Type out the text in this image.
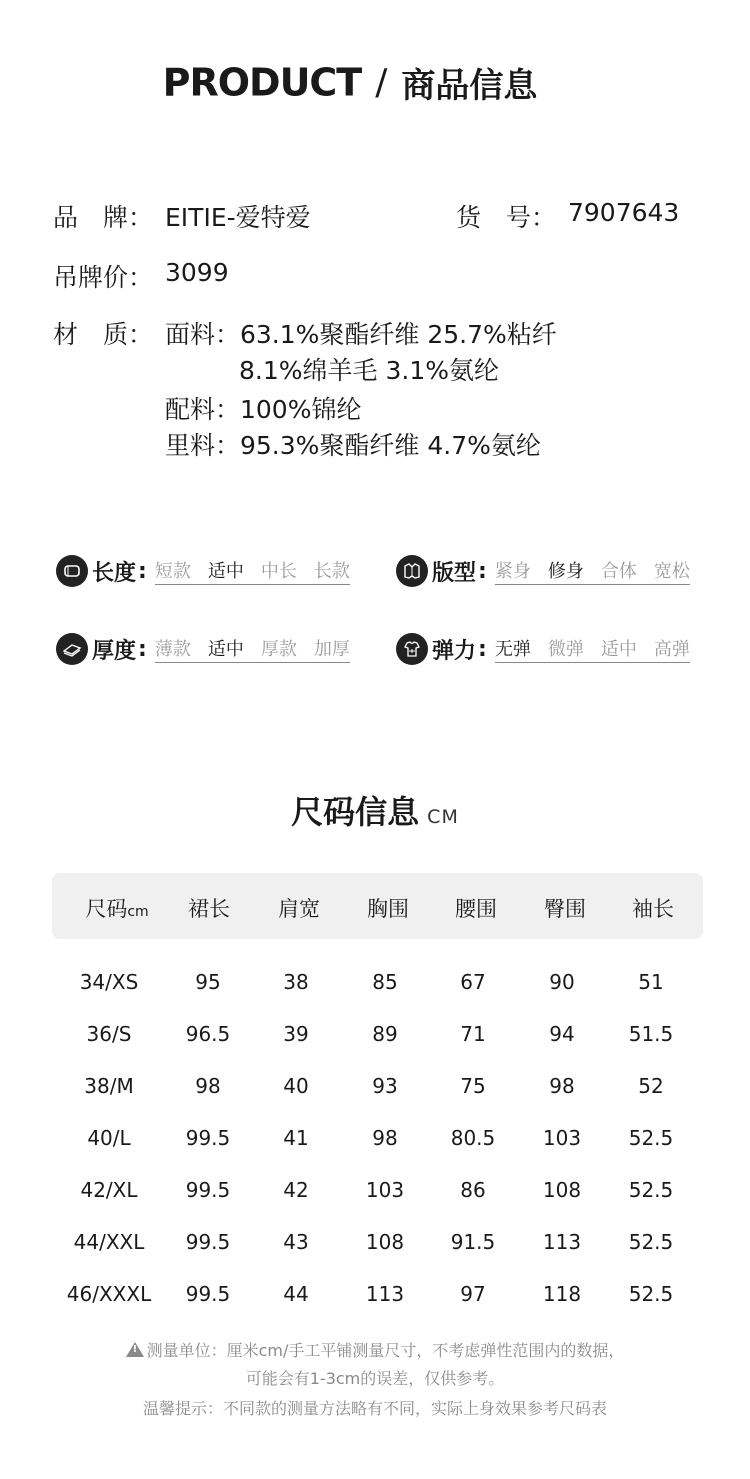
PRODUCT / 商品信息
品　牌： EITIE-爱特爱	货　号： 7907643
吊牌价： 3099
材　质： 面料：63.1%聚酯纤维 25.7%粘纤
8.1%绵羊毛 3.1%氨纶
配料：100%锦纶
里料：95.3%聚酯纤维 4.7%氨纶
长度 : 短款 适中 中长 长款	版型 : 紧身 修身 合体 宽松
厚度 : 薄款 适中 厚款 加厚	弹力 : 无弹 微弹 适中 高弹
尺码信息 CM
尺码cm	裙长	肩宽	胸围	腰围	臀围	袖长
34/XS	95	38	85	67	90	51
36/S	96.5	39	89	71	94	51.5
38/M	98	40	93	75	98	52
40/L	99.5	41	98	80.5	103	52.5
42/XL	99.5	42	103	86	108	52.5
44/XXL	99.5	43	108	91.5	113	52.5
46/XXXL	99.5	44	113	97	118	52.5
!测量单位：厘米cm/手工平铺测量尺寸，不考虑弹性范围内的数据，
可能会有1-3cm的误差，仅供参考。
温馨提示：不同款的测量方法略有不同，实际上身效果参考尺码表
